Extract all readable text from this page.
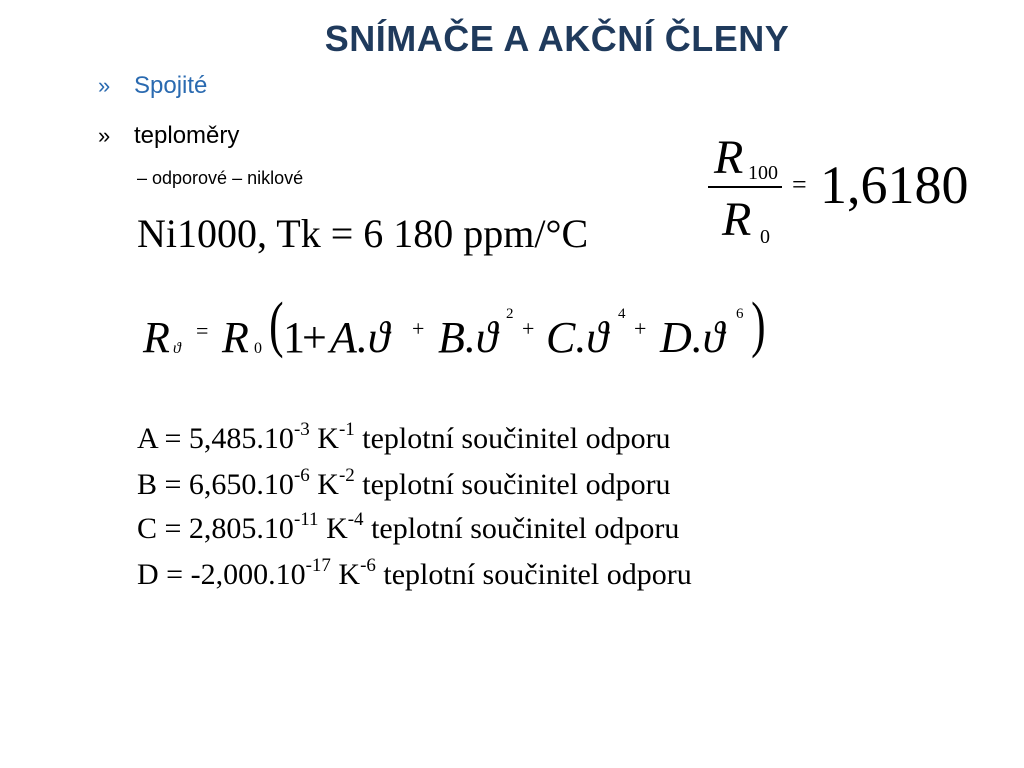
SNÍMAČE A AKČNÍ ČLENY
» Spojité
» teploměry
– odporové – niklové
Ni1000, Tk = 6 180 ppm/°C
R 100
R 0
= 1,6180
R ϑ
= R 0 ( 1
+ A.ϑ + B.ϑ 2
+ C.ϑ 4
+ D.ϑ 6 )
$A = 5,485.10^{-3}$ $K^{-1}$ teplotní součinitel odporu
$B = 6,650.10^{-6}$ $K^{-2}$ teplotní součinitel odporu
$C = 2,805.10^{-11}$ $K^{-4}$ teplotní součinitel odporu
$D = -2,000.10^{-17}$ $K^{-6}$ teplotní součinitel odporu
